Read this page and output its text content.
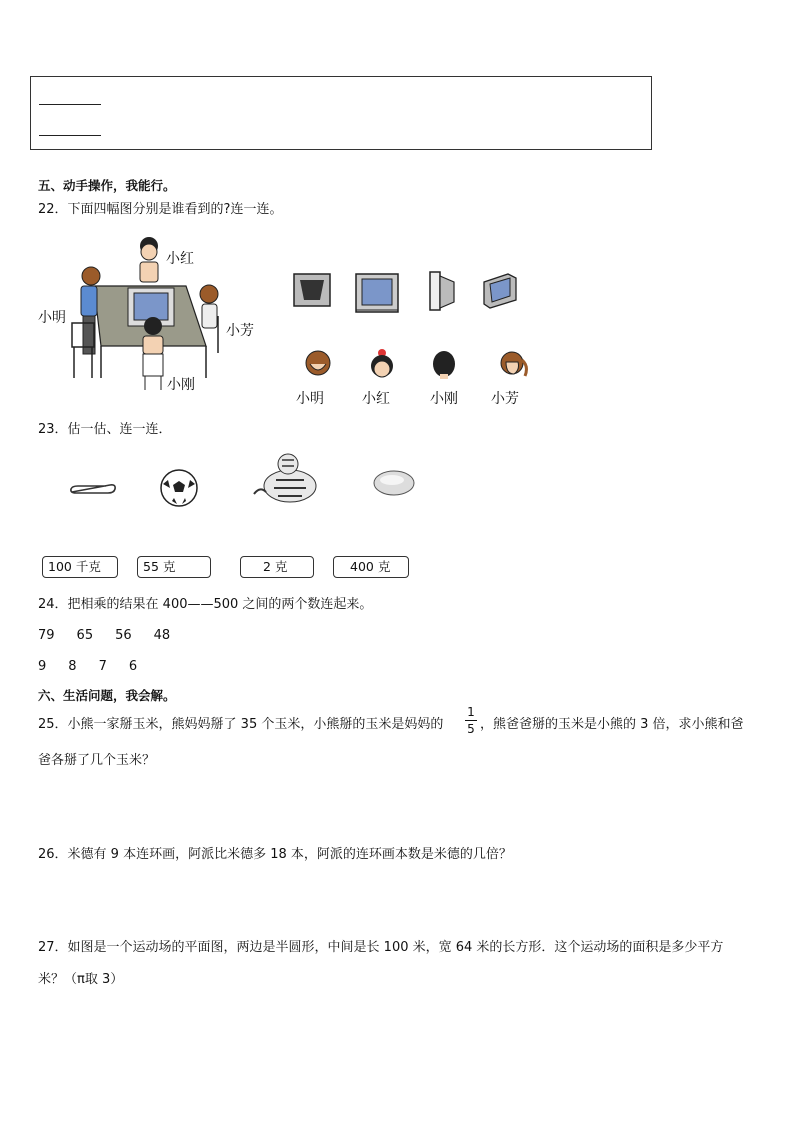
五、动手操作，我能行。
22．下面四幅图分别是谁看到的?连一连。
小红
小明
小芳
小刚
小明	小红	小刚 小芳
23．估一估、连一连．
100 千克	55 克	2 克	400 克
24．把相乘的结果在 400——500 之间的两个数连起来。
79 65 56 48
9 8 7 6
六、生活问题，我会解。
25．小熊一家掰玉米，熊妈妈掰了 35 个玉米，小熊掰的玉米是妈妈的
1
5 ，熊爸爸掰的玉米是小熊的 3 倍，求小熊和爸
爸各掰了几个玉米？
26．米德有 9 本连环画，阿派比米德多 18 本，阿派的连环画本数是米德的几倍？
27．如图是一个运动场的平面图，两边是半圆形，中间是长 100 米，宽 64 米的长方形．这个运动场的面积是多少平方
米？（π取 3）
